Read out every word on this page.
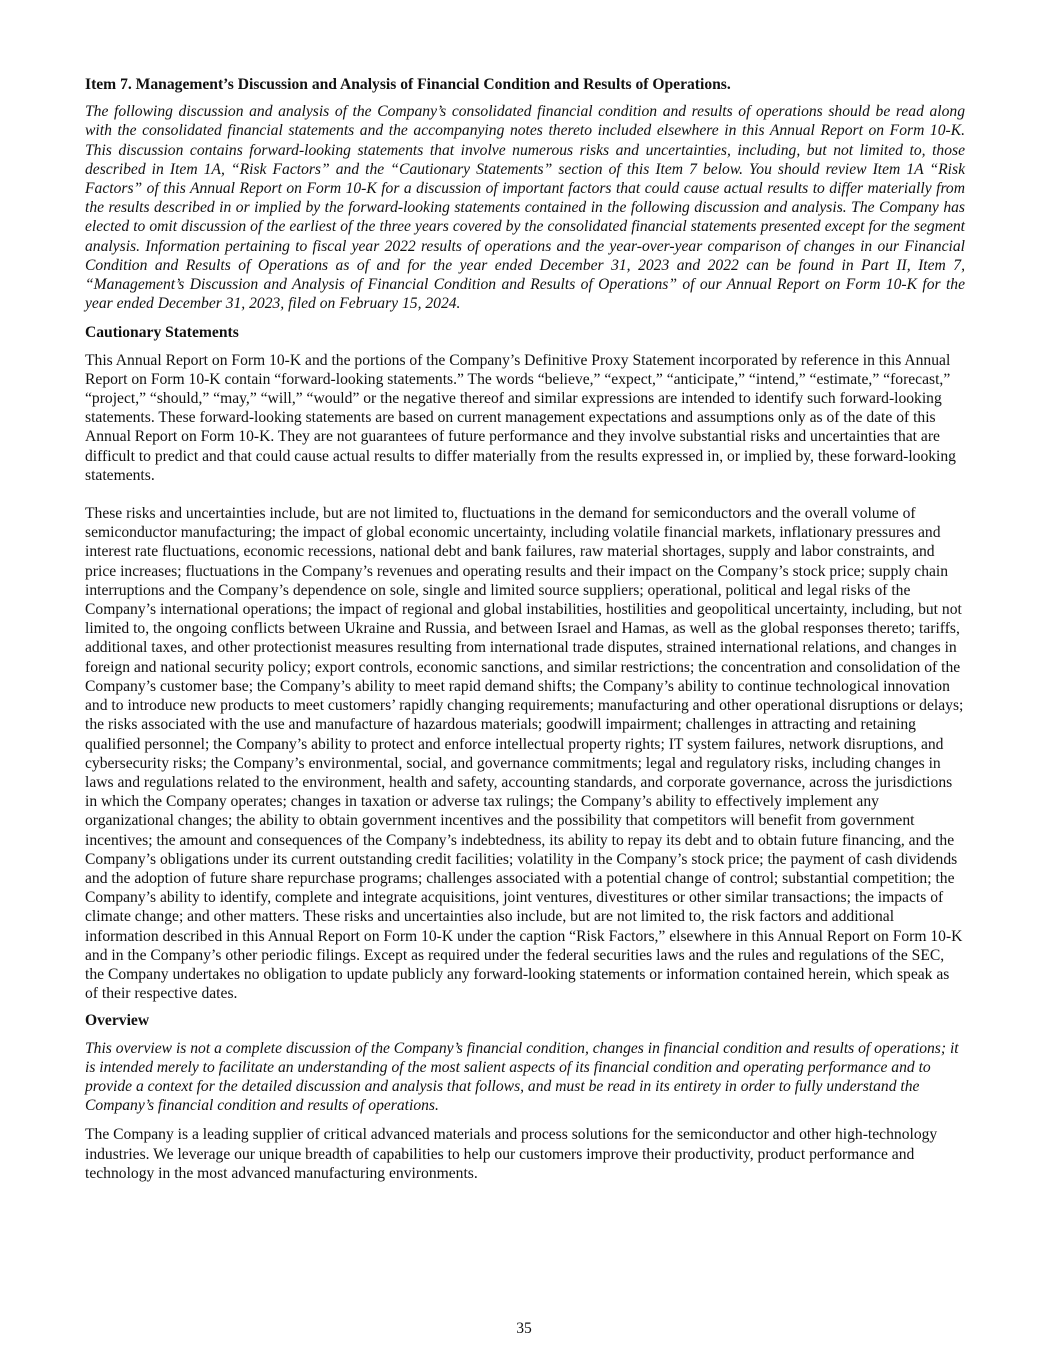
Item 7. Management’s Discussion and Analysis of Financial Condition and Results of Operations.

The following discussion and analysis of the Company’s consolidated financial condition and results of operations should be read along with the consolidated financial statements and the accompanying notes thereto included elsewhere in this Annual Report on Form 10-K. This discussion contains forward-looking statements that involve numerous risks and uncertainties, including, but not limited to, those described in Item 1A, “Risk Factors” and the “Cautionary Statements” section of this Item 7 below. You should review Item 1A “Risk Factors” of this Annual Report on Form 10-K for a discussion of important factors that could cause actual results to differ materially from the results described in or implied by the forward-looking statements contained in the following discussion and analysis. The Company has elected to omit discussion of the earliest of the three years covered by the consolidated financial statements presented except for the segment analysis. Information pertaining to fiscal year 2022 results of operations and the year-over-year comparison of changes in our Financial Condition and Results of Operations as of and for the year ended December 31, 2023 and 2022 can be found in Part II, Item 7, “Management’s Discussion and Analysis of Financial Condition and Results of Operations” of our Annual Report on Form 10-K for the year ended December 31, 2023, filed on February 15, 2024.

Cautionary Statements

This Annual Report on Form 10-K and the portions of the Company’s Definitive Proxy Statement incorporated by reference in this Annual Report on Form 10-K contain “forward-looking statements.” The words “believe,” “expect,” “anticipate,” “intend,” “estimate,” “forecast,” “project,” “should,” “may,” “will,” “would” or the negative thereof and similar expressions are intended to identify such forward-looking statements. These forward-looking statements are based on current management expectations and assumptions only as of the date of this Annual Report on Form 10-K. They are not guarantees of future performance and they involve substantial risks and uncertainties that are difficult to predict and that could cause actual results to differ materially from the results expressed in, or implied by, these forward-looking statements.

These risks and uncertainties include, but are not limited to, fluctuations in the demand for semiconductors and the overall volume of semiconductor manufacturing; the impact of global economic uncertainty, including volatile financial markets, inflationary pressures and interest rate fluctuations, economic recessions, national debt and bank failures, raw material shortages, supply and labor constraints, and price increases; fluctuations in the Company’s revenues and operating results and their impact on the Company’s stock price; supply chain interruptions and the Company’s dependence on sole, single and limited source suppliers; operational, political and legal risks of the Company’s international operations; the impact of regional and global instabilities, hostilities and geopolitical uncertainty, including, but not limited to, the ongoing conflicts between Ukraine and Russia, and between Israel and Hamas, as well as the global responses thereto; tariffs, additional taxes, and other protectionist measures resulting from international trade disputes, strained international relations, and changes in foreign and national security policy; export controls, economic sanctions, and similar restrictions; the concentration and consolidation of the Company’s customer base; the Company’s ability to meet rapid demand shifts; the Company’s ability to continue technological innovation and to introduce new products to meet customers’ rapidly changing requirements; manufacturing and other operational disruptions or delays; the risks associated with the use and manufacture of hazardous materials; goodwill impairment; challenges in attracting and retaining qualified personnel; the Company’s ability to protect and enforce intellectual property rights; IT system failures, network disruptions, and cybersecurity risks; the Company’s environmental, social, and governance commitments; legal and regulatory risks, including changes in laws and regulations related to the environment, health and safety, accounting standards, and corporate governance, across the jurisdictions in which the Company operates; changes in taxation or adverse tax rulings; the Company’s ability to effectively implement any organizational changes; the ability to obtain government incentives and the possibility that competitors will benefit from government incentives; the amount and consequences of the Company’s indebtedness, its ability to repay its debt and to obtain future financing, and the Company’s obligations under its current outstanding credit facilities; volatility in the Company’s stock price; the payment of cash dividends and the adoption of future share repurchase programs; challenges associated with a potential change of control; substantial competition; the Company’s ability to identify, complete and integrate acquisitions, joint ventures, divestitures or other similar transactions; the impacts of climate change; and other matters. These risks and uncertainties also include, but are not limited to, the risk factors and additional information described in this Annual Report on Form 10-K under the caption “Risk Factors,” elsewhere in this Annual Report on Form 10-K and in the Company’s other periodic filings. Except as required under the federal securities laws and the rules and regulations of the SEC, the Company undertakes no obligation to update publicly any forward-looking statements or information contained herein, which speak as of their respective dates.

Overview

This overview is not a complete discussion of the Company’s financial condition, changes in financial condition and results of operations; it is intended merely to facilitate an understanding of the most salient aspects of its financial condition and operating performance and to provide a context for the detailed discussion and analysis that follows, and must be read in its entirety in order to fully understand the Company’s financial condition and results of operations.

The Company is a leading supplier of critical advanced materials and process solutions for the semiconductor and other high-technology industries. We leverage our unique breadth of capabilities to help our customers improve their productivity, product performance and technology in the most advanced manufacturing environments.

35
